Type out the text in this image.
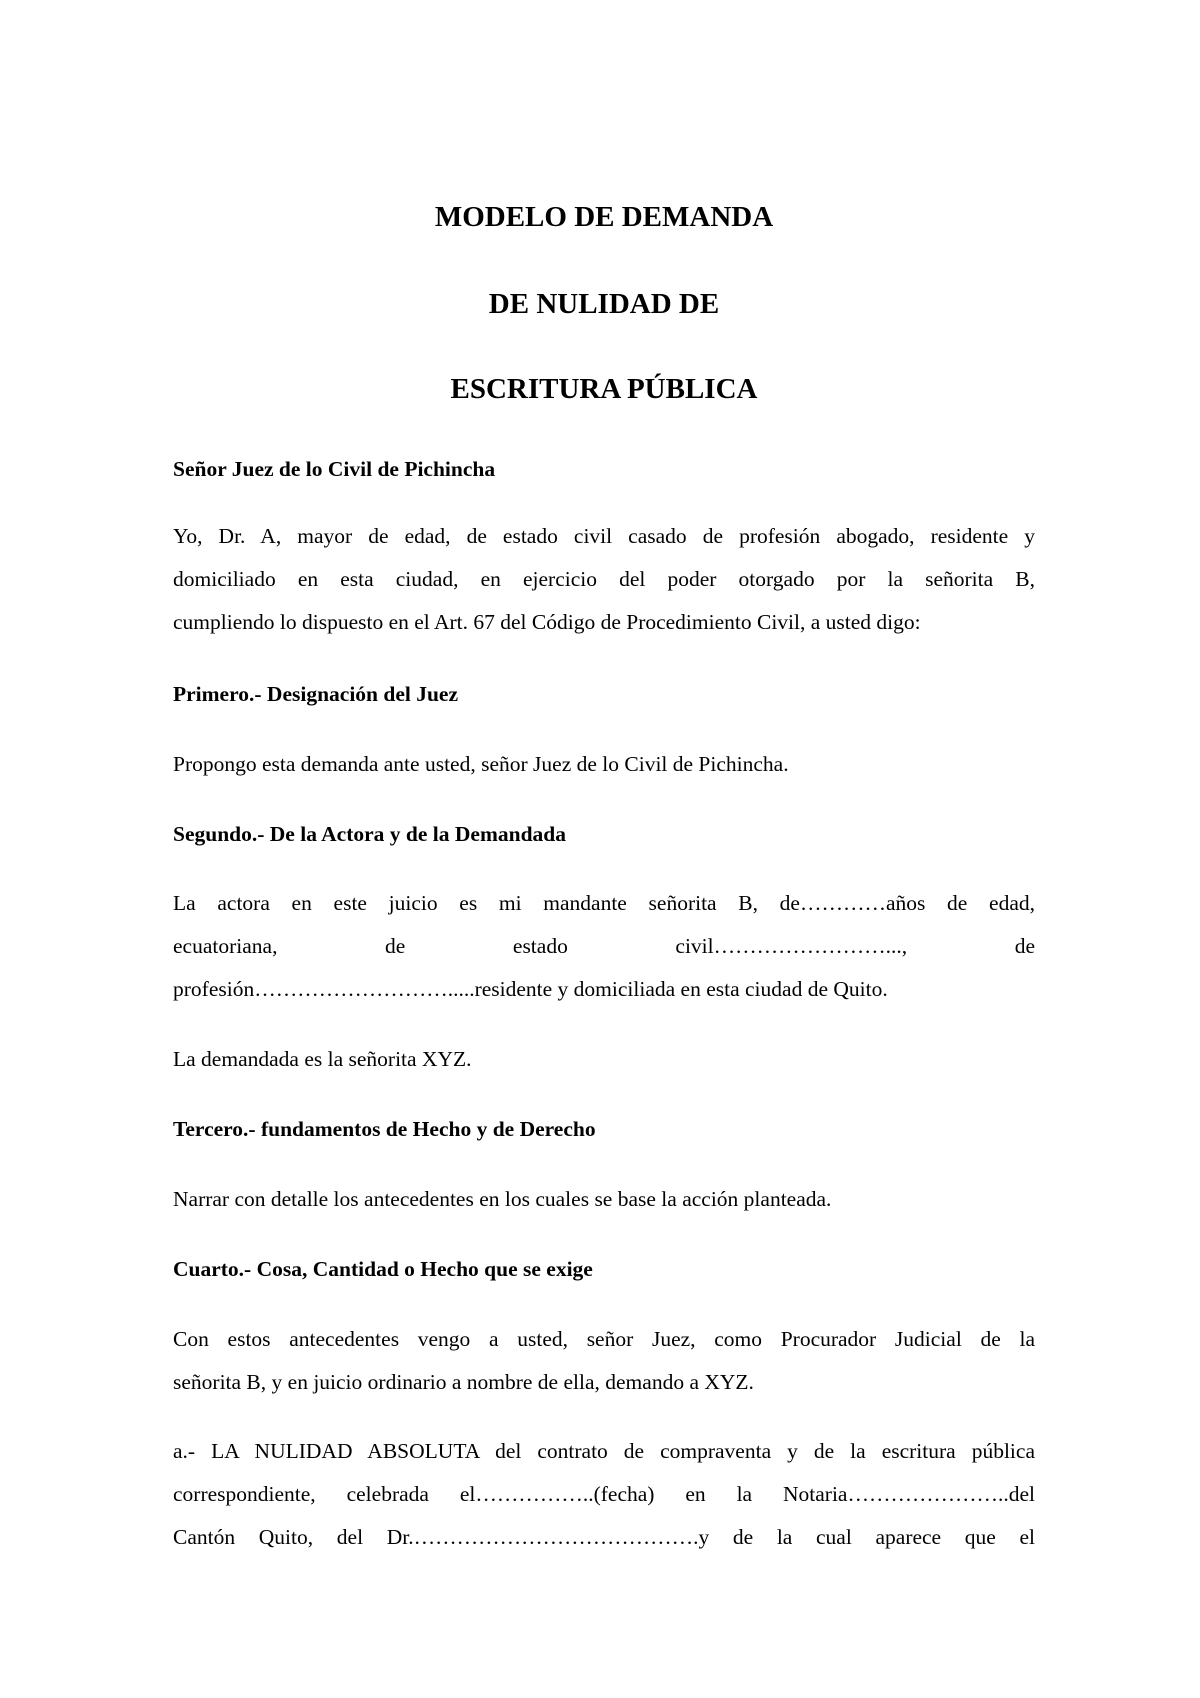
MODELO DE DEMANDA

DE NULIDAD DE

ESCRITURA PÚBLICA

Señor Juez de lo Civil de Pichincha

Yo, Dr. A, mayor de edad, de estado civil casado de profesión abogado, residente y
domiciliado en esta ciudad, en ejercicio del poder otorgado por la señorita B,
cumpliendo lo dispuesto en el Art. 67 del Código de Procedimiento Civil, a usted digo:

Primero.- Designación del Juez

Propongo esta demanda ante usted, señor Juez de lo Civil de Pichincha.

Segundo.- De la Actora y de la Demandada

La actora en este juicio es mi mandante señorita B, de…………años de edad,
ecuatoriana, de estado civil……………………..., de
profesión……………………….....residente y domiciliada en esta ciudad de Quito.

La demandada es la señorita XYZ.

Tercero.- fundamentos de Hecho y de Derecho

Narrar con detalle los antecedentes en los cuales se base la acción planteada.

Cuarto.- Cosa, Cantidad o Hecho que se exige

Con estos antecedentes vengo a usted, señor Juez, como Procurador Judicial de la
señorita B, y en juicio ordinario a nombre de ella, demando a XYZ.
a.- LA NULIDAD ABSOLUTA del contrato de compraventa y de la escritura pública
correspondiente, celebrada el……………..(fecha) en la Notaria…………………..del
Cantón Quito, del Dr.………………………………….y de la cual aparece que el
